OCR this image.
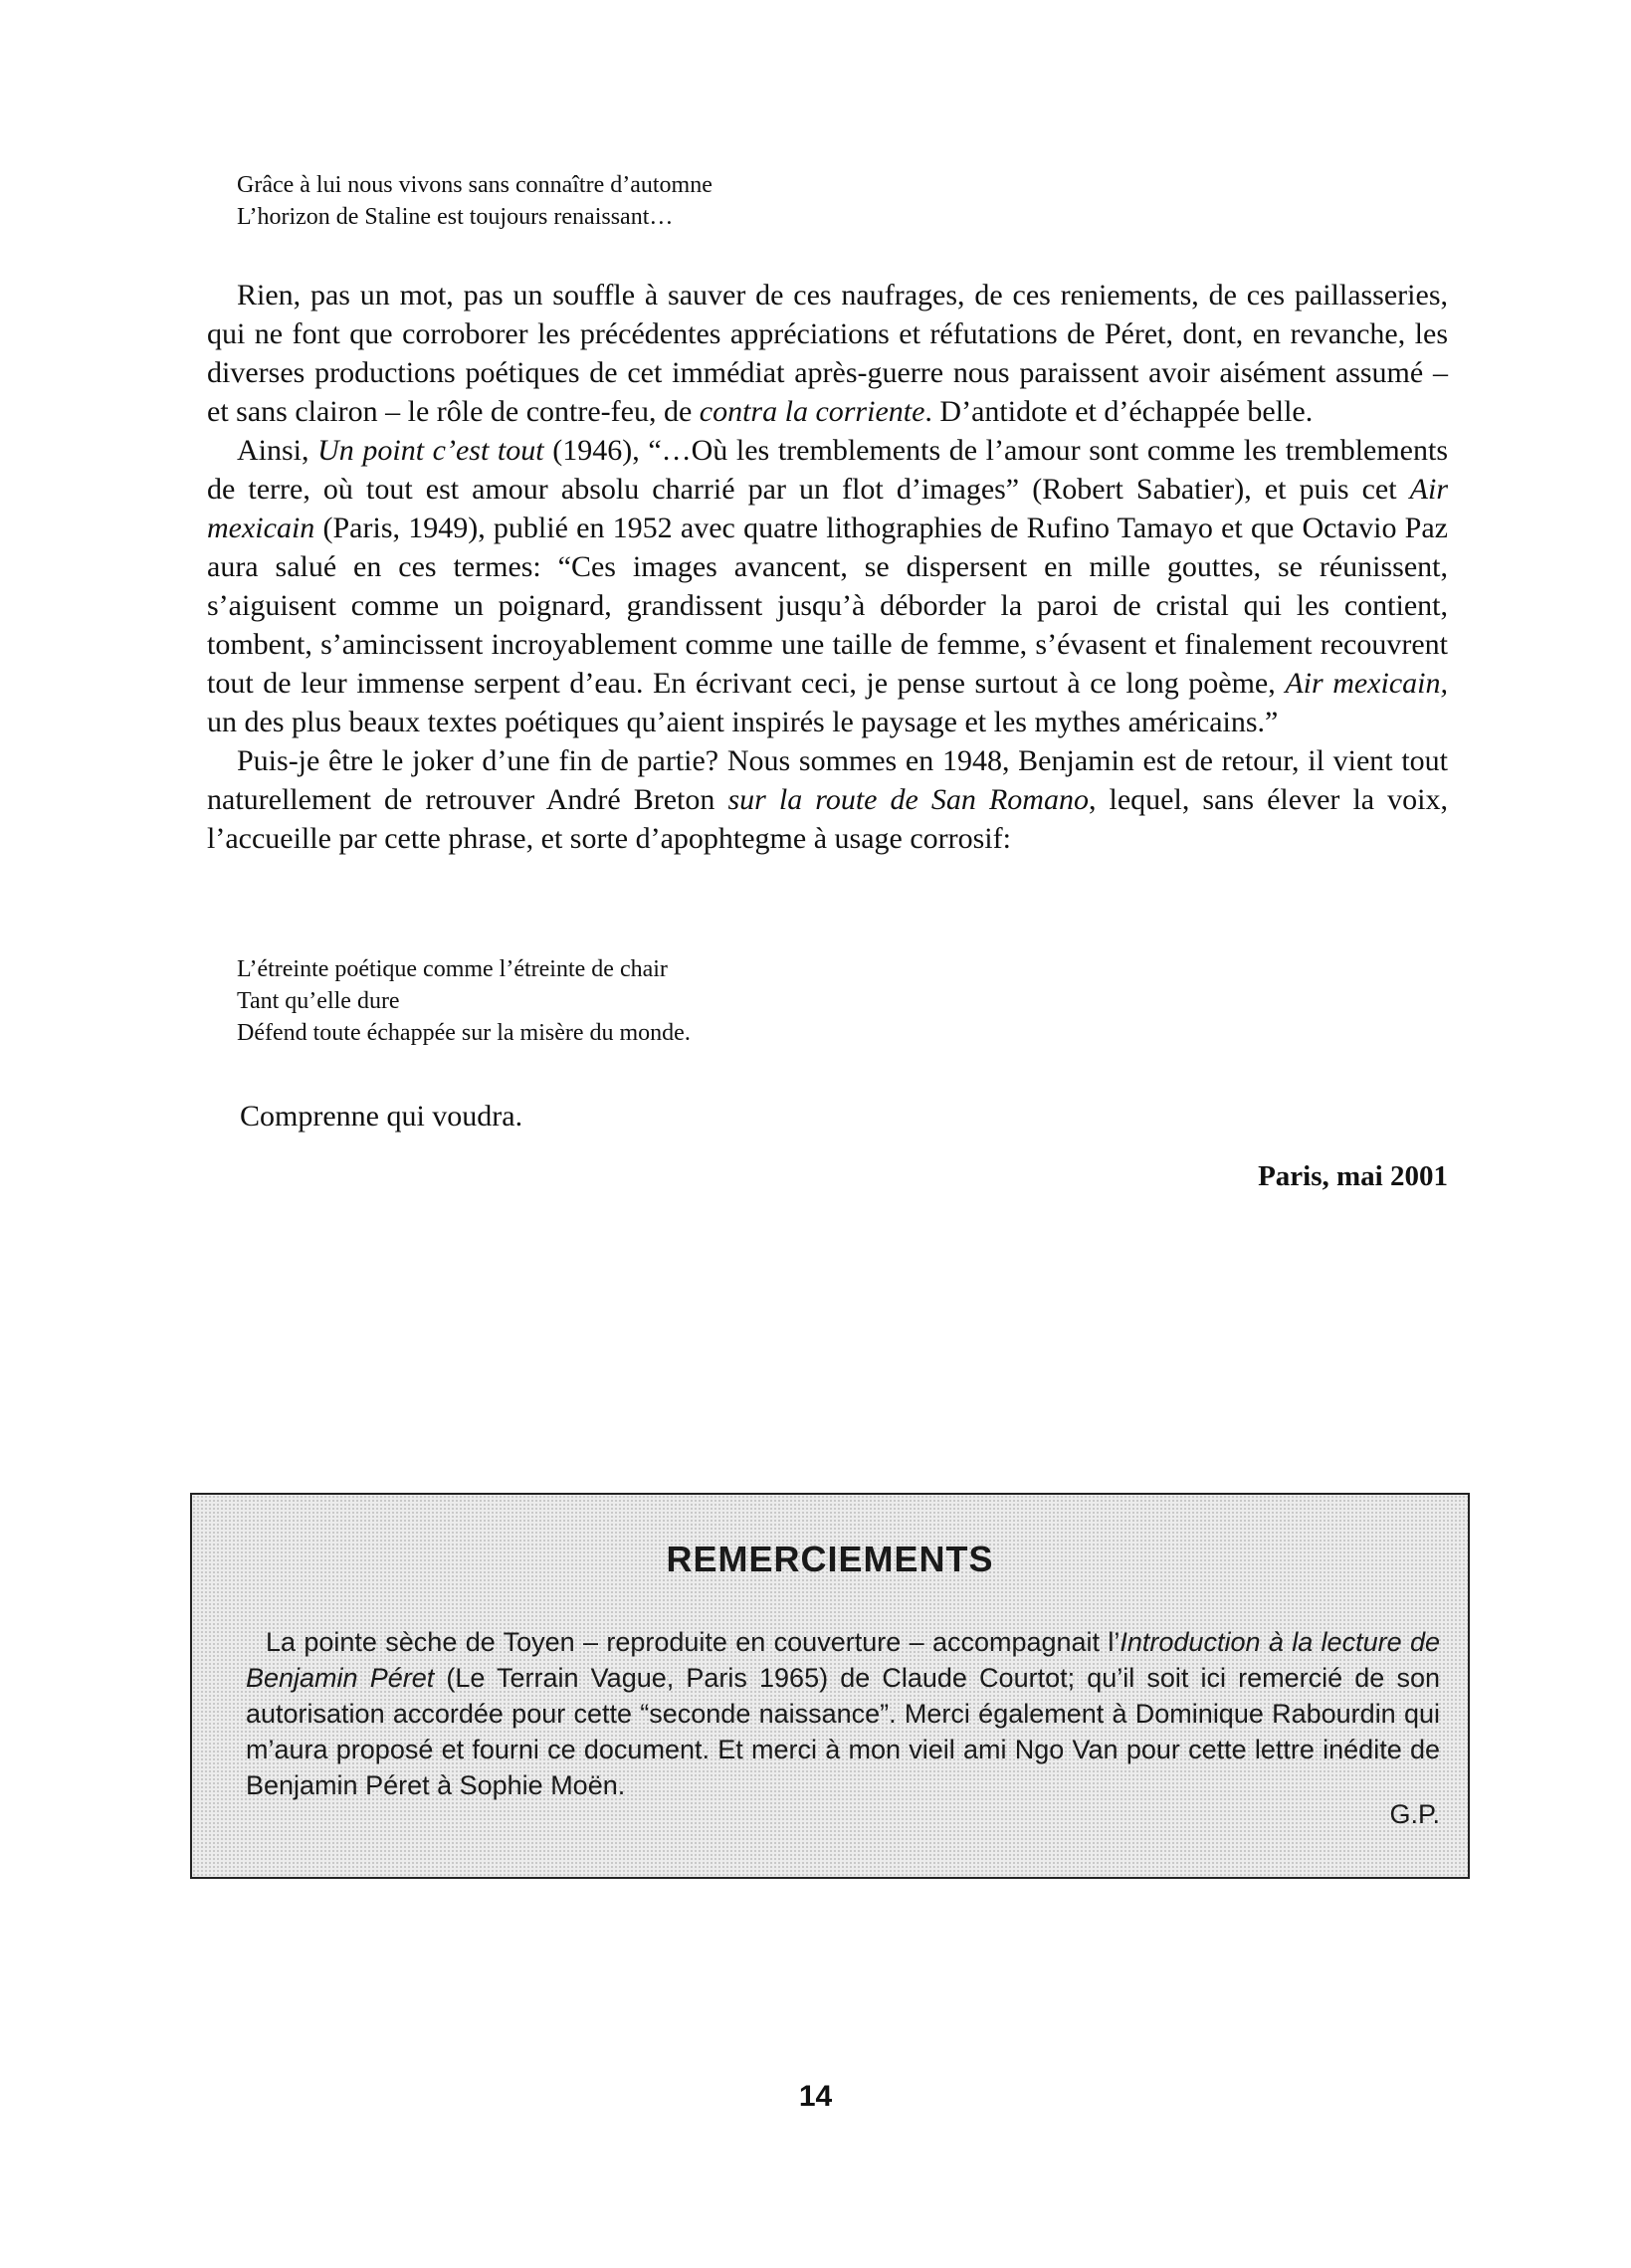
Grâce à lui nous vivons sans connaître d’automne
L’horizon de Staline est toujours renaissant…

Rien, pas un mot, pas un souffle à sauver de ces naufrages, de ces reniements, de ces paillasseries, qui ne font que corroborer les précédentes appréciations et réfutations de Péret, dont, en revanche, les diverses productions poétiques de cet immédiat après-guerre nous paraissent avoir aisément assumé – et sans clairon – le rôle de contre-feu, de contra la corriente. D’antidote et d’échappée belle.

Ainsi, Un point c’est tout (1946), “…Où les tremblements de l’amour sont comme les tremblements de terre, où tout est amour absolu charrié par un flot d’images” (Robert Sabatier), et puis cet Air mexicain (Paris, 1949), publié en 1952 avec quatre lithographies de Rufino Tamayo et que Octavio Paz aura salué en ces termes: “Ces images avancent, se dispersent en mille gouttes, se réunissent, s’aiguisent comme un poignard, grandissent jusqu’à déborder la paroi de cristal qui les contient, tombent, s’amincissent incroyablement comme une taille de femme, s’évasent et finalement recouvrent tout de leur immense serpent d’eau. En écrivant ceci, je pense surtout à ce long poème, Air mexicain, un des plus beaux textes poétiques qu’aient inspirés le paysage et les mythes américains.”

Puis-je être le joker d’une fin de partie? Nous sommes en 1948, Benjamin est de retour, il vient tout naturellement de retrouver André Breton sur la route de San Romano, lequel, sans élever la voix, l’accueille par cette phrase, et sorte d’apophtegme à usage corrosif:

L’étreinte poétique comme l’étreinte de chair
Tant qu’elle dure
Défend toute échappée sur la misère du monde.
Comprenne qui voudra.
Paris, mai 2001
REMERCIEMENTS
La pointe sèche de Toyen – reproduite en couverture – accompagnait l’Introduction à la lecture de Benjamin Péret (Le Terrain Vague, Paris 1965) de Claude Courtot; qu’il soit ici remercié de son autorisation accordée pour cette “seconde naissance”. Merci également à Dominique Rabourdin qui m’aura proposé et fourni ce document. Et merci à mon vieil ami Ngo Van pour cette lettre inédite de Benjamin Péret à Sophie Moën.
G.P.
14
